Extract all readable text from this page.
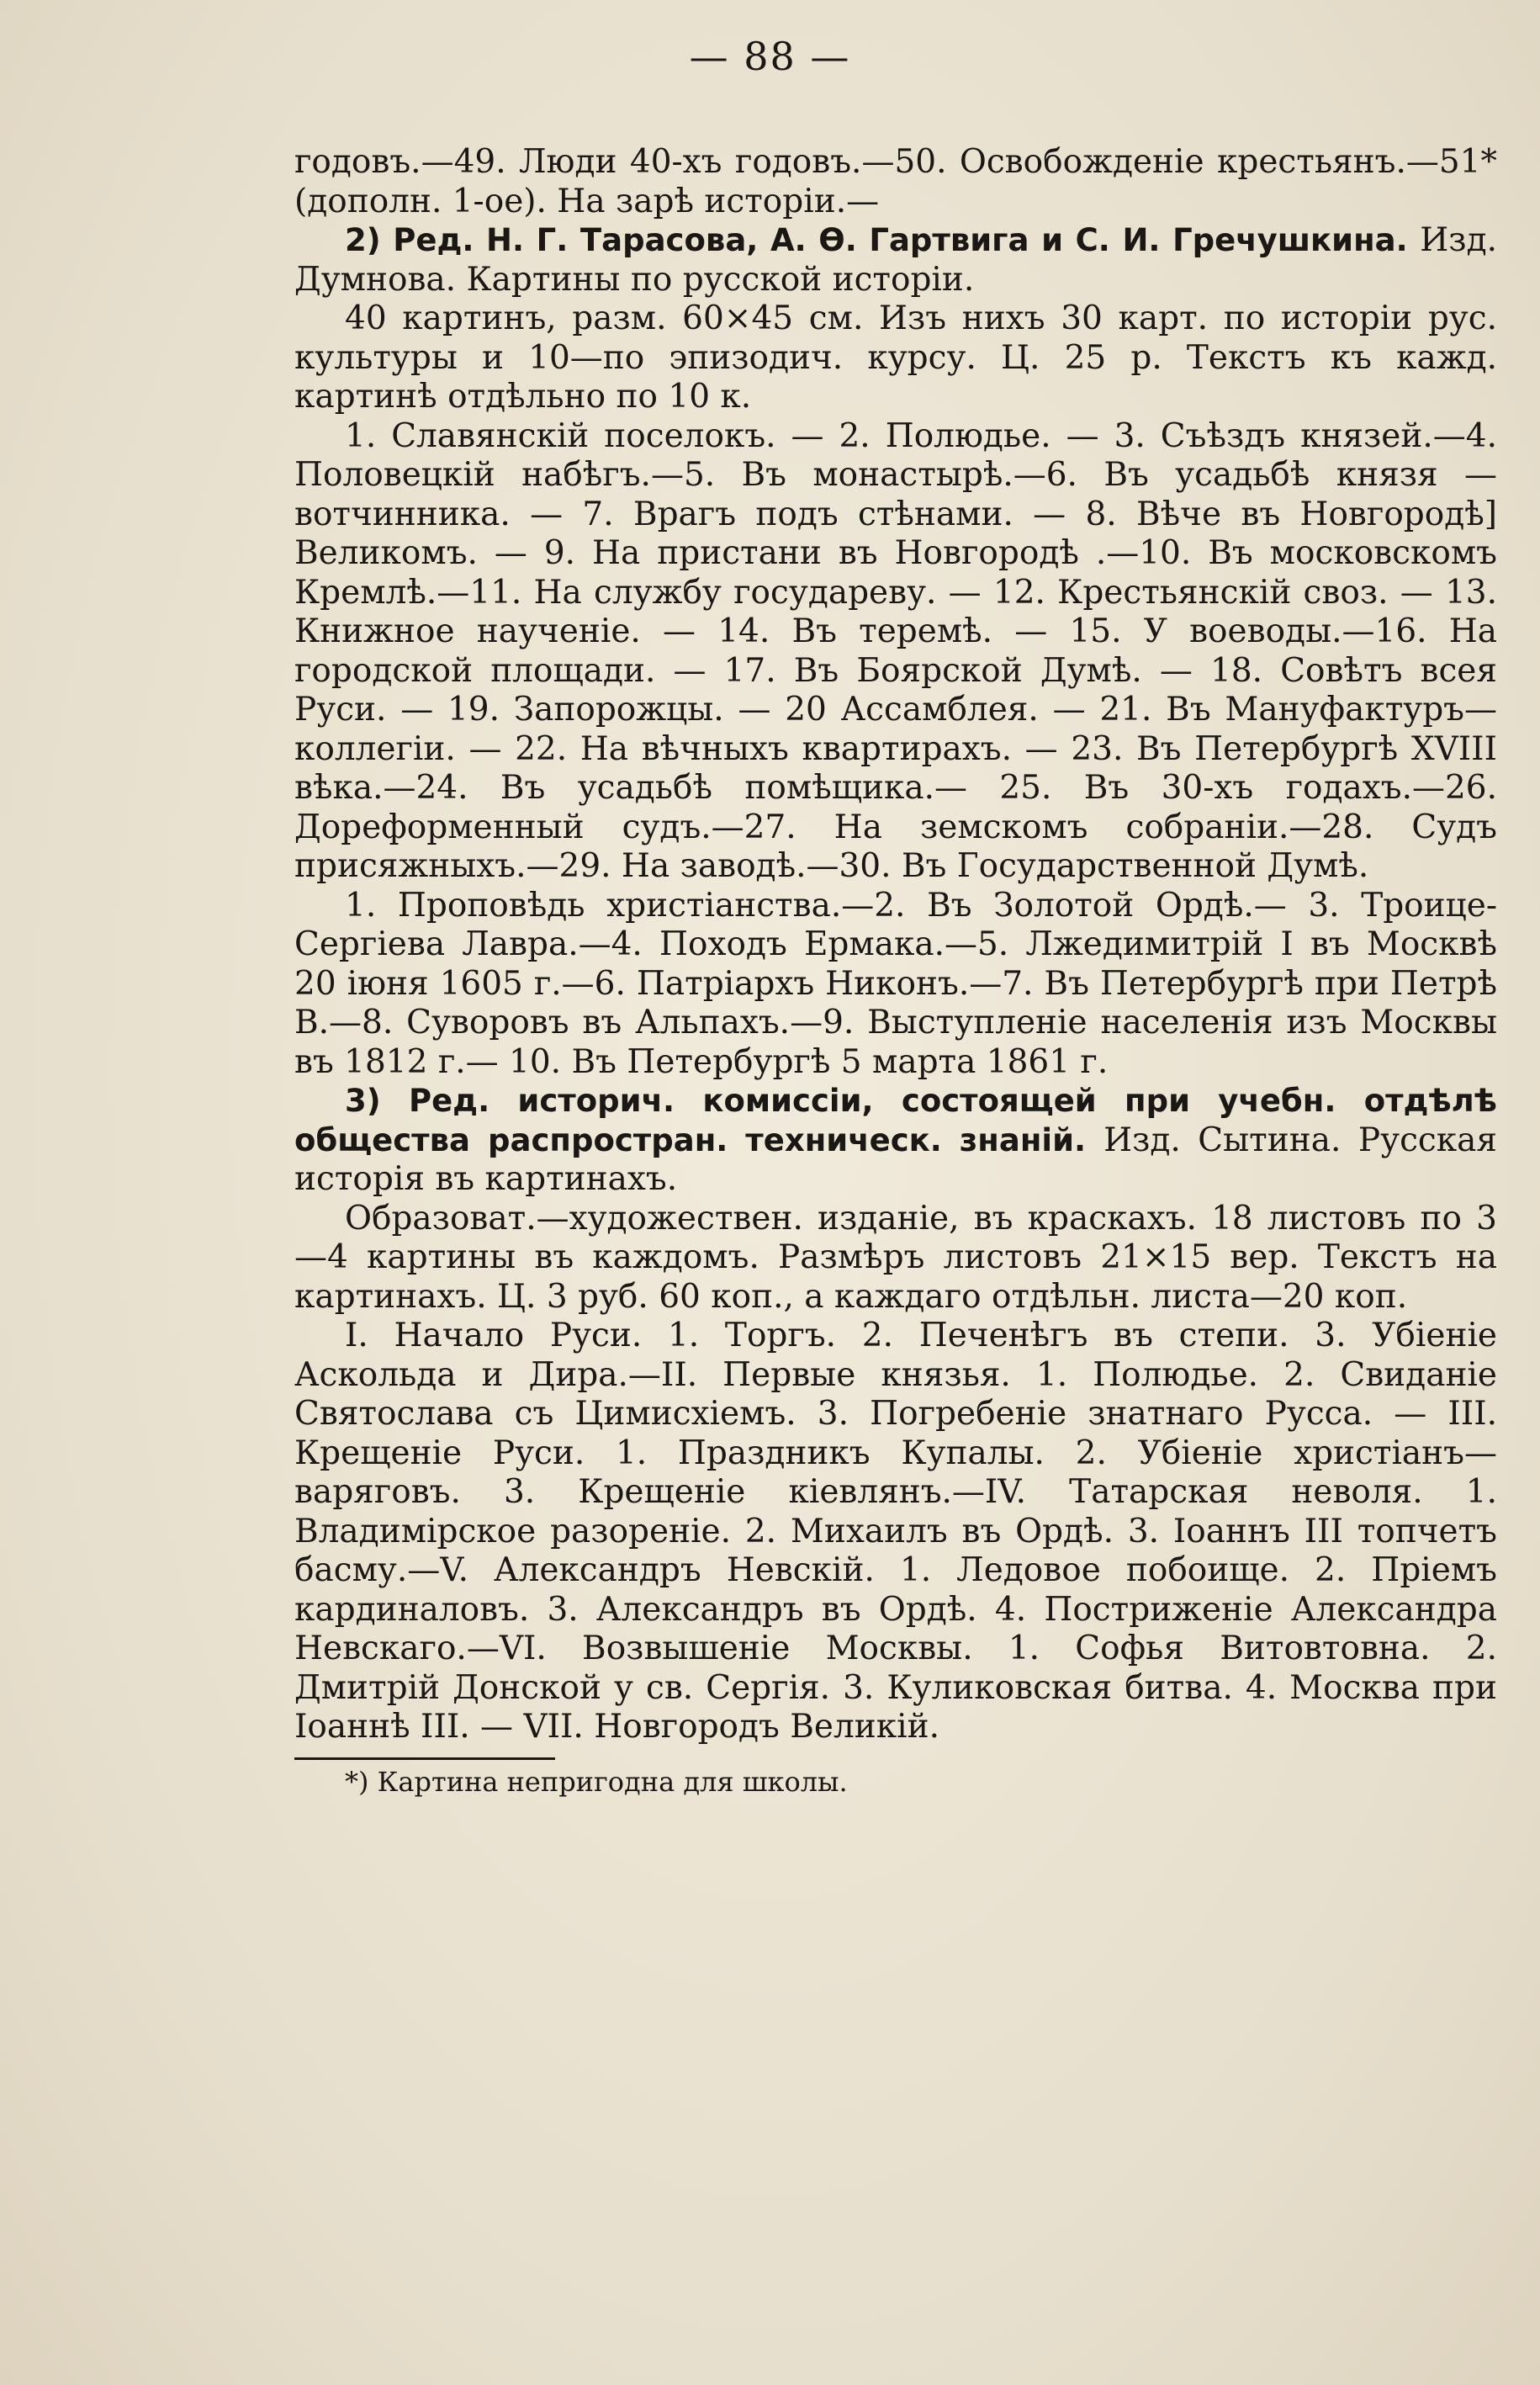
— 88 —

годовъ.—49. Люди 40-хъ годовъ.—50. Освобожденіе крестьянъ.—51* (дополн. 1-ое). На зарѣ исторіи.—

2) Ред. Н. Г. Тарасова, А. Ѳ. Гартвига и С. И. Гречушкина. Изд. Думнова. Картины по русской исторіи.

40 картинъ, разм. 60×45 см. Изъ нихъ 30 карт. по исторіи рус. культуры и 10—по эпизодич. курсу. Ц. 25 р. Текстъ къ кажд. картинѣ отдѣльно по 10 к.

1. Славянскій поселокъ. — 2. Полюдье. — 3. Съѣздъ князей.—4. Половецкій набѣгъ.—5. Въ монастырѣ.—6. Въ усадьбѣ князя —вотчинника. — 7. Врагъ подъ стѣнами. — 8. Вѣче въ Новгородѣ] Великомъ. — 9. На пристани въ Новгородѣ .—10. Въ московскомъ Кремлѣ.—11. На службу государеву. — 12. Крестьянскій своз. — 13. Книжное наученіе. — 14. Въ теремѣ. — 15. У воеводы.—16. На городской площади. — 17. Въ Боярской Думѣ. — 18. Совѣтъ всея Руси. — 19. Запорожцы. — 20 Ассамблея. — 21. Въ Мануфактуръ—коллегіи. — 22. На вѣчныхъ квартирахъ. — 23. Въ Петербургѣ XVIII вѣка.—24. Въ усадьбѣ помѣщика.— 25. Въ 30-хъ годахъ.—26. Дореформенный судъ.—27. На земскомъ собраніи.—28. Судъ присяжныхъ.—29. На заводѣ.—30. Въ Государственной Думѣ.

1. Проповѣдь христіанства.—2. Въ Золотой Ордѣ.— 3. Троице-Сергіева Лавра.—4. Походъ Ермака.—5. Лжедимитрій I въ Москвѣ 20 іюня 1605 г.—6. Патріархъ Никонъ.—7. Въ Петербургѣ при Петрѣ В.—8. Суворовъ въ Альпахъ.—9. Выступленіе населенія изъ Москвы въ 1812 г.— 10. Въ Петербургѣ 5 марта 1861 г.

3) Ред. историч. комиссіи, состоящей при учебн. отдѣлѣ общества распростран. техническ. знаній. Изд. Сытина. Русская исторія въ картинахъ.

Образоват.—художествен. изданіе, въ краскахъ. 18 листовъ по 3—4 картины въ каждомъ. Размѣръ листовъ 21×15 вер. Текстъ на картинахъ. Ц. 3 руб. 60 коп., а каждаго отдѣльн. листа—20 коп.

I. Начало Руси. 1. Торгъ. 2. Печенѣгъ въ степи. 3. Убіеніе Аскольда и Дира.—II. Первые князья. 1. Полюдье. 2. Свиданіе Святослава съ Цимисхіемъ. 3. Погребеніе знатнаго Русса. — III. Крещеніе Руси. 1. Праздникъ Купалы. 2. Убіеніе христіанъ—варяговъ. 3. Крещеніе кіевлянъ.—IV. Татарская неволя. 1. Владимірское разореніе. 2. Михаилъ въ Ордѣ. 3. Іоаннъ III топчетъ басму.—V. Александръ Невскій. 1. Ледовое побоище. 2. Пріемъ кардиналовъ. 3. Александръ въ Ордѣ. 4. Постриженіе Александра Невскаго.—VI. Возвышеніе Москвы. 1. Софья Витовтовна. 2. Дмитрій Донской у св. Сергія. 3. Куликовская битва. 4. Москва при Іоаннѣ III. — VII. Новгородъ Великій.

*) Картина непригодна для школы.
